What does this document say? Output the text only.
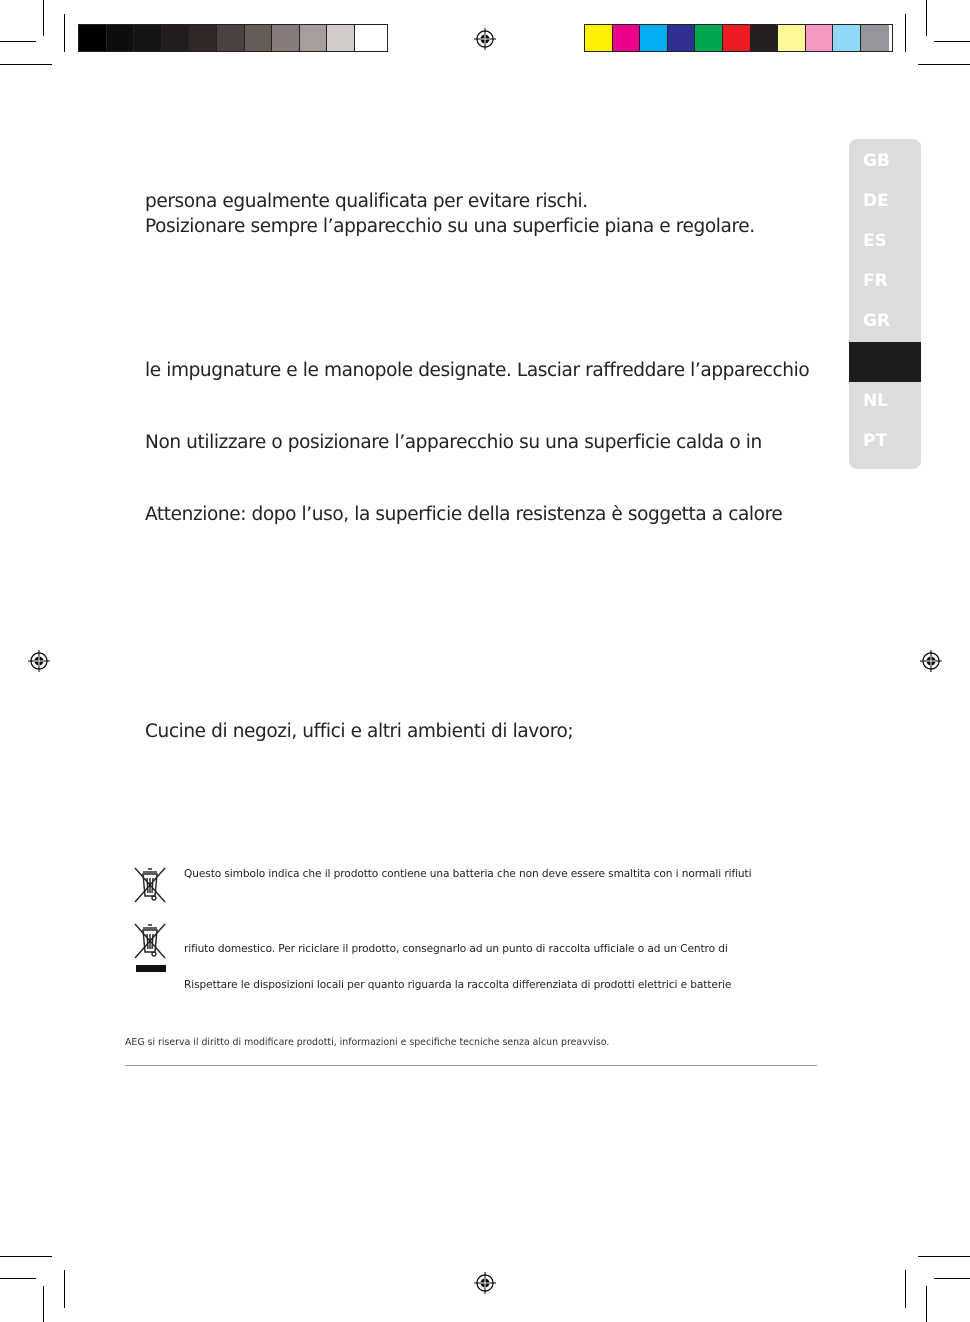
GB
DE
ES
FR
GR
NL
PT
persona egualmente qualificata per evitare rischi.
Posizionare sempre l’apparecchio su una superficie piana e regolare.
le impugnature e le manopole designate. Lasciar raffreddare l’apparecchio
Non utilizzare o posizionare l’apparecchio su una superficie calda o in
Attenzione: dopo l’uso, la superficie della resistenza è soggetta a calore
Cucine di negozi, uffici e altri ambienti di lavoro;
Questo simbolo indica che il prodotto contiene una batteria che non deve essere smaltita con i normali rifiuti
rifiuto domestico. Per riciclare il prodotto, consegnarlo ad un punto di raccolta ufficiale o ad un Centro di
Rispettare le disposizioni locali per quanto riguarda la raccolta differenziata di prodotti elettrici e batterie
AEG si riserva il diritto di modificare prodotti, informazioni e specifiche tecniche senza alcun preavviso.
